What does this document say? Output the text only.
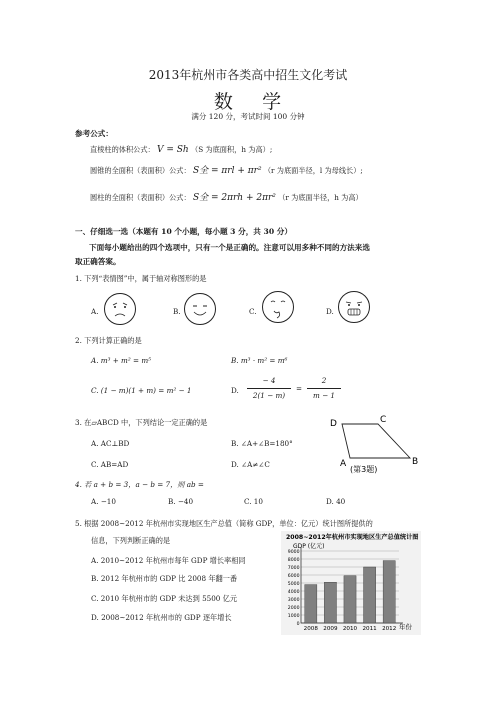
2013年杭州市各类高中招生文化考试
数    学
满分 120 分，考试时间 100 分钟
参考公式：
直棱柱的体积公式： V = Sh （S 为底面积，h 为高）;
圆锥的全面积（表面积）公式： S全 = πrl + πr² （r 为底面半径，l 为母线长）;
圆柱的全面积（表面积）公式： S全 = 2πrh + 2πr² （r 为底面半径，h 为高）
一、仔细选一选（本题有 10 个小题，每小题 3 分，共 30 分）
下面每小题给出的四个选项中，只有一个是正确的。注意可以用多种不同的方法来选
取正确答案。
1. 下列“表情图”中，属于轴对称图形的是
A.	B.	C.	D.
2. 下列计算正确的是
A. m³ + m² = m⁵	B. m³ · m² = m⁶
C. (1 − m)(1 + m) = m² − 1	D.
− 4
2(1 − m)
=
2
m − 1
3. 在▱ABCD 中，下列结论一定正确的是
A. AC⊥BD	B. ∠A+∠B=180°
C. AB=AD	D. ∠A≠∠C
D	C
A	B
(第3题)
4. 若 a + b = 3，a − b = 7，则 ab =
A. −10	B. −40	C. 10	D. 40
5. 根据 2008~2012 年杭州市实现地区生产总值（简称 GDP，单位：亿元）统计图所提供的
信息，下列判断正确的是
A. 2010~2012 年杭州市每年 GDP 增长率相同
B. 2012 年杭州市的 GDP 比 2008 年翻一番
C. 2010 年杭州市的 GDP 未达到 5500 亿元
D. 2008~2012 年杭州市的 GDP 逐年增长
2008~2012年杭州市实现地区生产总值统计图
GDP (亿元)
0
1000
2000
3000
4000
5000
6000
7000
8000
9000
2008 2009 2010 2011 2012 年份
